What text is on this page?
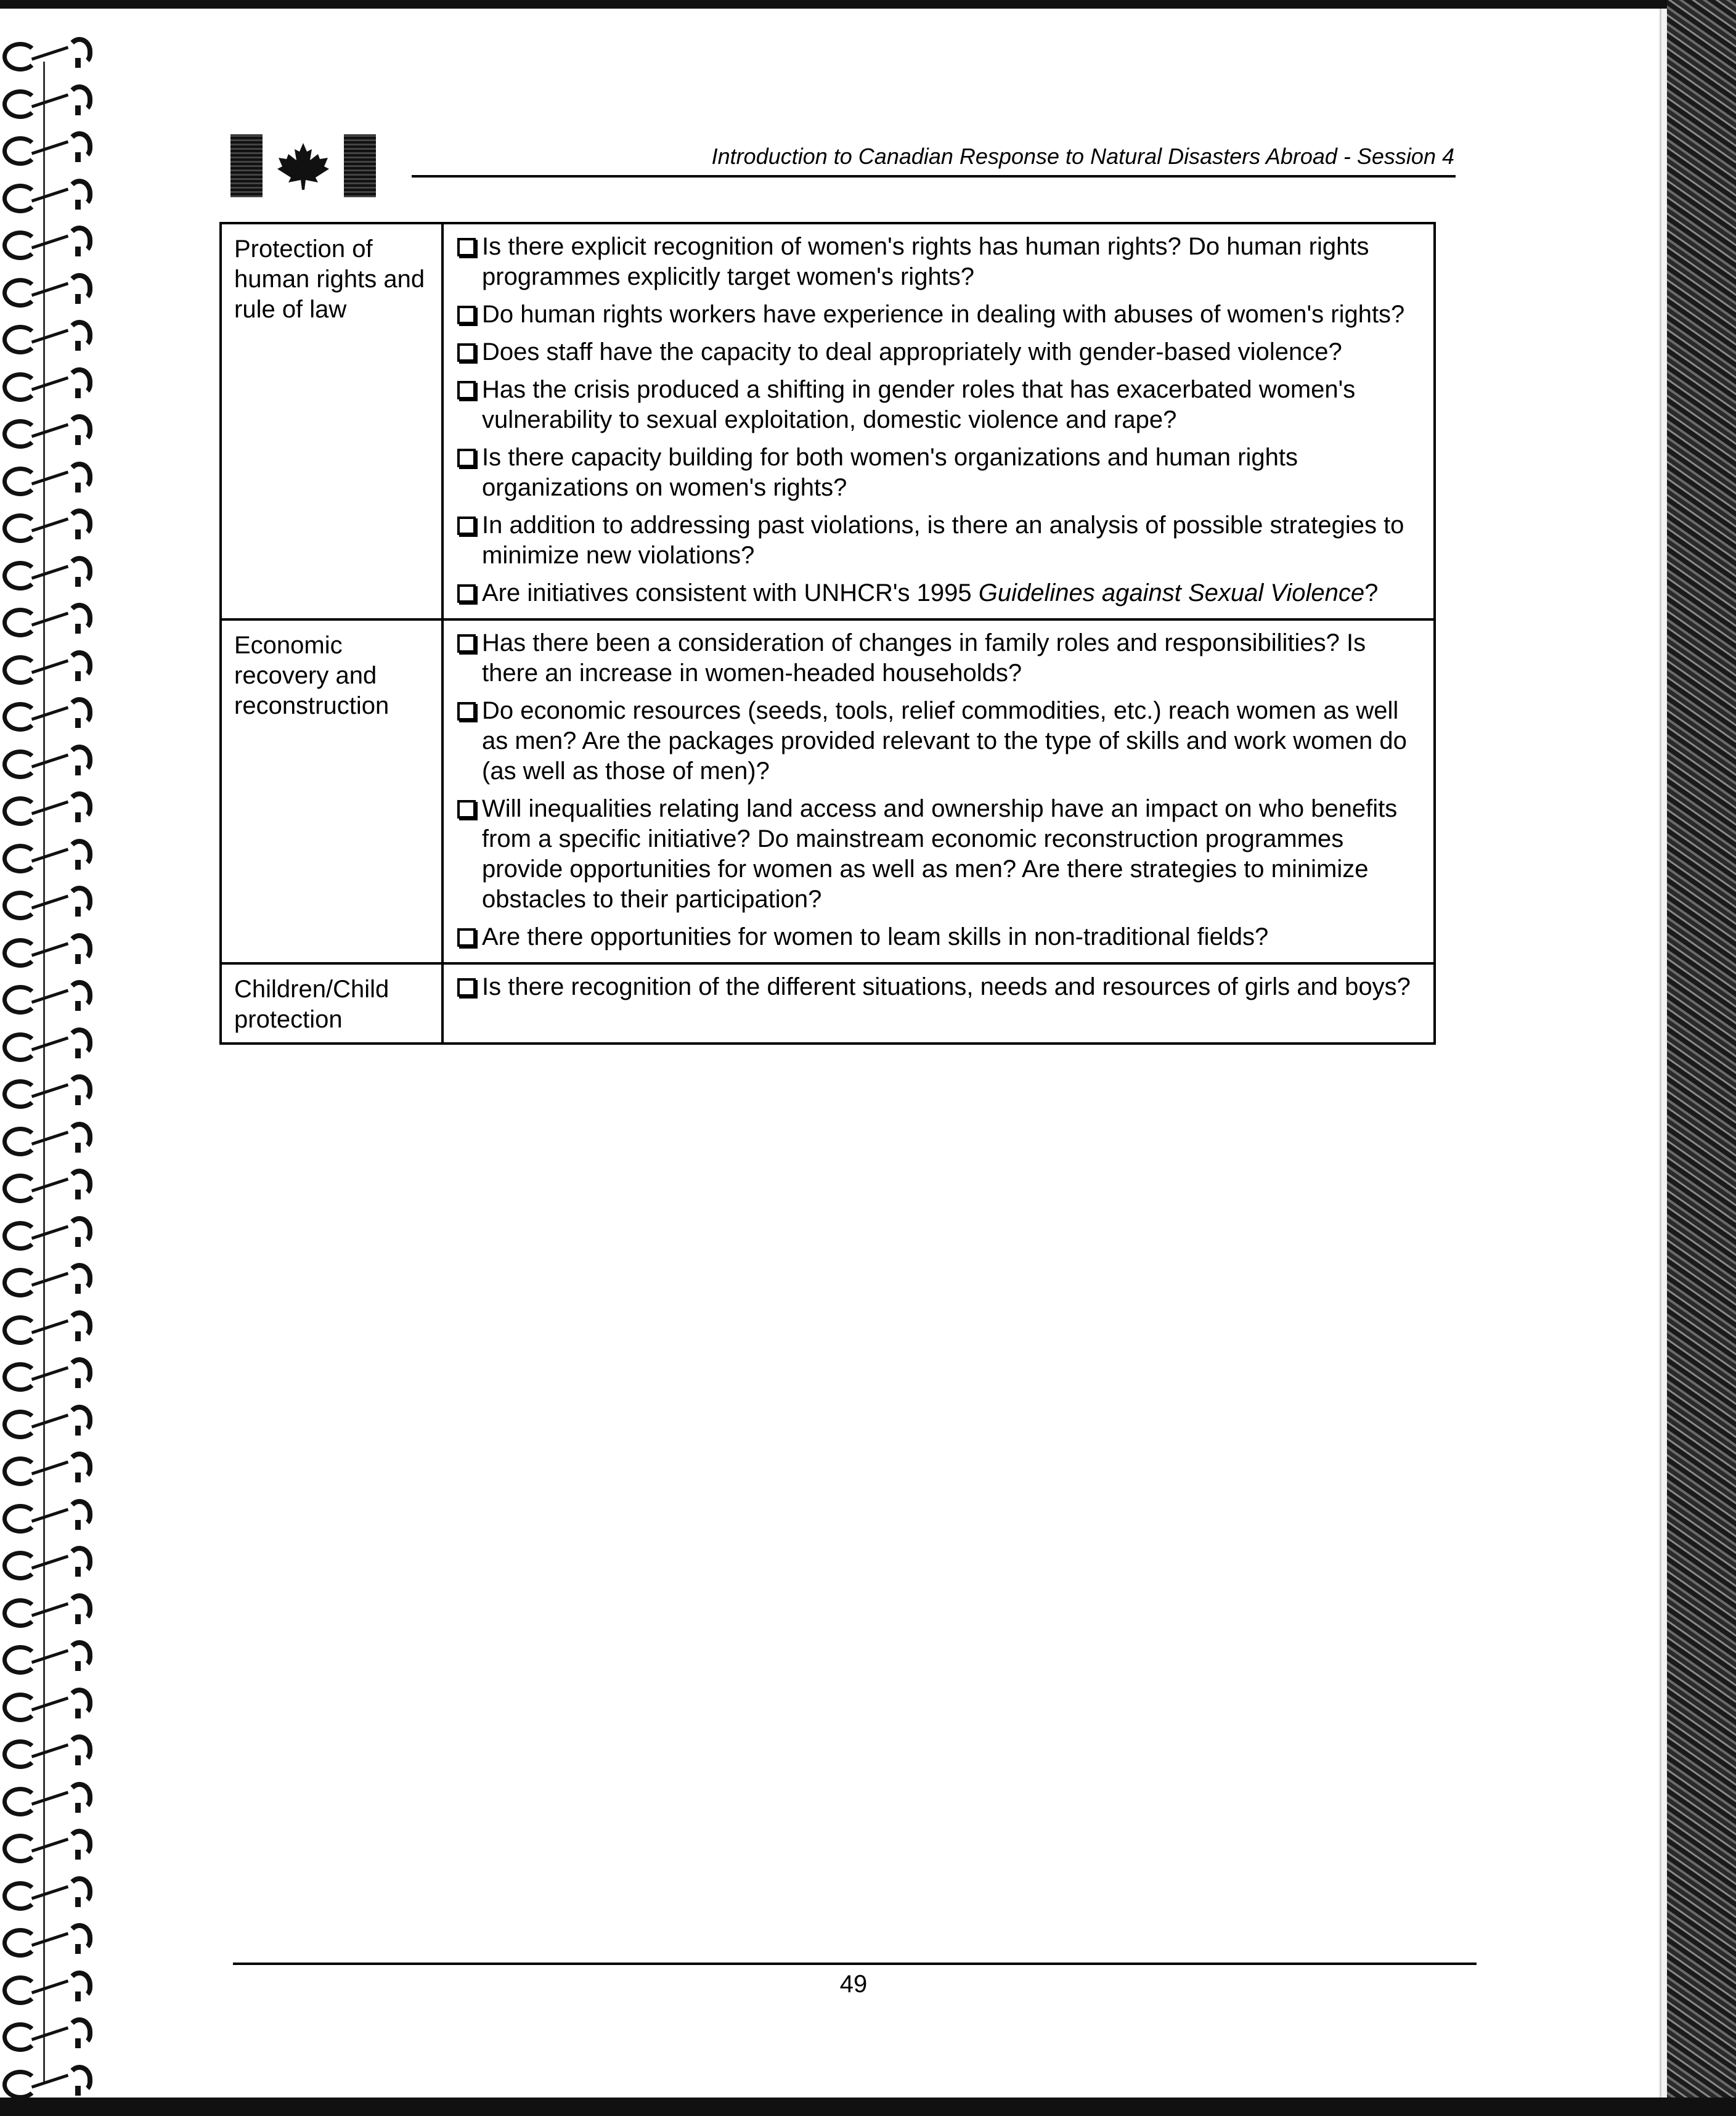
Introduction to Canadian Response to Natural Disasters Abroad - Session 4
Protection of human rights and rule of law
Is there explicit recognition of women's rights has human rights? Do human rights programmes explicitly target women's rights?
Do human rights workers have experience in dealing with abuses of women's rights?
Does staff have the capacity to deal appropriately with gender-based violence?
Has the crisis produced a shifting in gender roles that has exacerbated women's vulnerability to sexual exploitation, domestic violence and rape?
Is there capacity building for both women's organizations and human rights organizations on women's rights?
In addition to addressing past violations, is there an analysis of possible strategies to minimize new violations?
Are initiatives consistent with UNHCR's 1995 Guidelines against Sexual Violence?
Economic recovery and reconstruction
Has there been a consideration of changes in family roles and responsibilities? Is there an increase in women-headed households?
Do economic resources (seeds, tools, relief commodities, etc.) reach women as well as men? Are the packages provided relevant to the type of skills and work women do (as well as those of men)?
Will inequalities relating land access and ownership have an impact on who benefits from a specific initiative? Do mainstream economic reconstruction programmes provide opportunities for women as well as men? Are there strategies to minimize obstacles to their participation?
Are there opportunities for women to leam skills in non-traditional fields?
Children/Child protection
Is there recognition of the different situations, needs and resources of girls and boys?
49
